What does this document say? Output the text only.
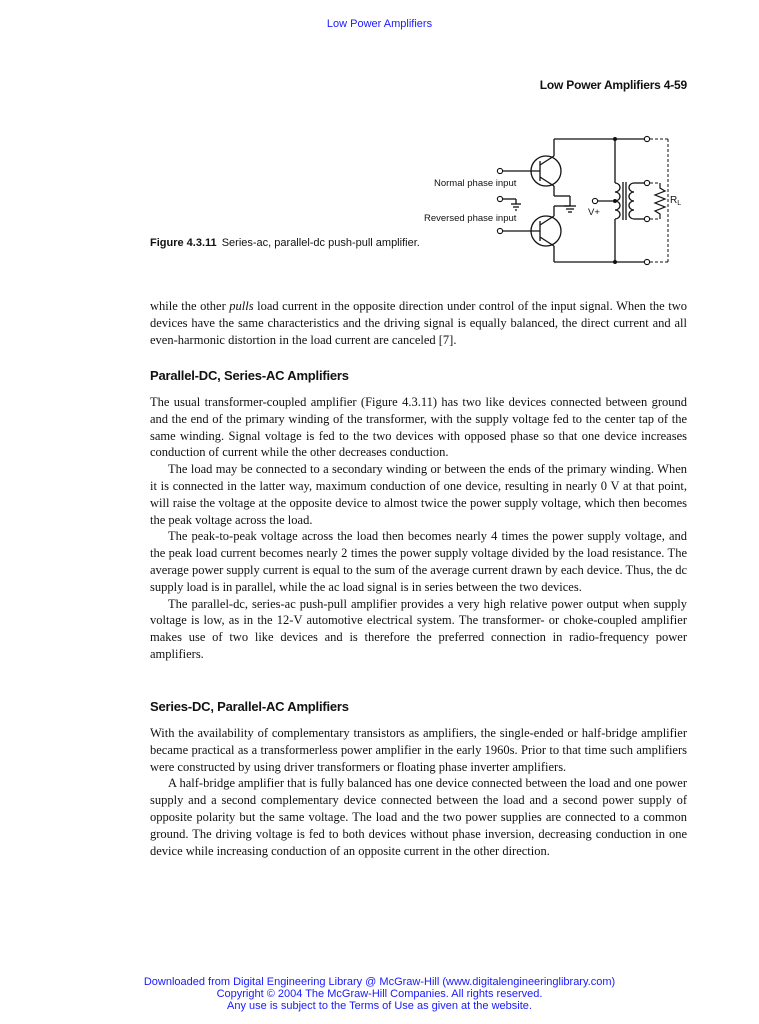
Low Power Amplifiers
Low Power Amplifiers 4-59
Normal phase input
Reversed phase input
V+
$R_L$
Figure 4.3.11 Series-ac, parallel-dc push-pull amplifier.

while the other pulls load current in the opposite direction under control of the input signal. When the two devices have the same characteristics and the driving signal is equally balanced, the direct current and all even-harmonic distortion in the load current are canceled [7].

Parallel-DC, Series-AC Amplifiers

The usual transformer-coupled amplifier (Figure 4.3.11) has two like devices connected between ground and the end of the primary winding of the transformer, with the supply voltage fed to the center tap of the same winding. Signal voltage is fed to the two devices with opposed phase so that one device increases conduction of current while the other decreases conduction.

The load may be connected to a secondary winding or between the ends of the primary winding. When it is connected in the latter way, maximum conduction of one device, resulting in nearly 0 V at that point, will raise the voltage at the opposite device to almost twice the power supply voltage, which then becomes the peak voltage across the load.

The peak-to-peak voltage across the load then becomes nearly 4 times the power supply voltage, and the peak load current becomes nearly 2 times the power supply voltage divided by the load resistance. The average power supply current is equal to the sum of the average current drawn by each device. Thus, the dc supply load is in parallel, while the ac load signal is in series between the two devices.

The parallel-dc, series-ac push-pull amplifier provides a very high relative power output when supply voltage is low, as in the 12-V automotive electrical system. The transformer- or choke-coupled amplifier makes use of two like devices and is therefore the preferred connection in radio-frequency power amplifiers.

Series-DC, Parallel-AC Amplifiers

With the availability of complementary transistors as amplifiers, the single-ended or half-bridge amplifier became practical as a transformerless power amplifier in the early 1960s. Prior to that time such amplifiers were constructed by using driver transformers or floating phase inverter amplifiers.

A half-bridge amplifier that is fully balanced has one device connected between the load and one power supply and a second complementary device connected between the load and a second power supply of opposite polarity but the same voltage. The load and the two power supplies are connected to a common ground. The driving voltage is fed to both devices without phase inversion, decreasing conduction in one device while increasing conduction of an opposite current in the other direction.

Downloaded from Digital Engineering Library @ McGraw-Hill (www.digitalengineeringlibrary.com)
Copyright © 2004 The McGraw-Hill Companies. All rights reserved.
Any use is subject to the Terms of Use as given at the website.
